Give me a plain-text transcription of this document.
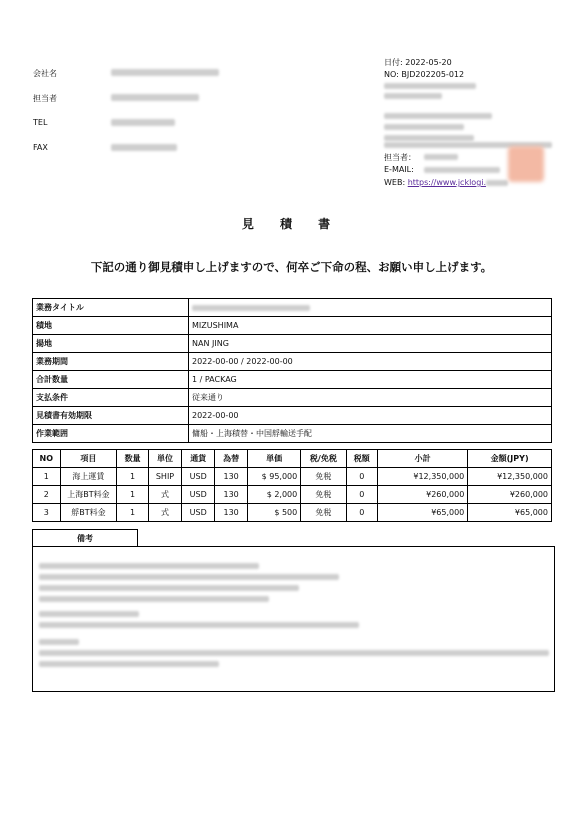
会社名
担当者
TEL
FAX
日付: 2022-05-20
NO: BJD202205-012
担当者：
E-MAIL:
WEB: https://www.jcklogi.
見 積 書
下記の通り御見積申し上げますので、何卒ご下命の程、お願い申し上げます。
業務タイトル	
積地	MIZUSHIMA
揚地	NAN JING
業務期間	2022-00-00 / 2022-00-00
合計数量	1 / PACKAG
支払条件	従来通り
見積書有効期限	2022-00-00
作業範囲	傭船・上海積替・中国艀輸送手配
NO	項目	数量	単位	通貨	為替	単価	税/免税	税額	小計	金額(JPY)
1	海上運賃	1	SHIP	USD	130	$ 95,000	免税	0	¥12,350,000	¥12,350,000
2	上海BT料金	1	式	USD	130	$ 2,000	免税	0	¥260,000	¥260,000
3	艀BT料金	1	式	USD	130	$ 500	免税	0	¥65,000	¥65,000
備考
